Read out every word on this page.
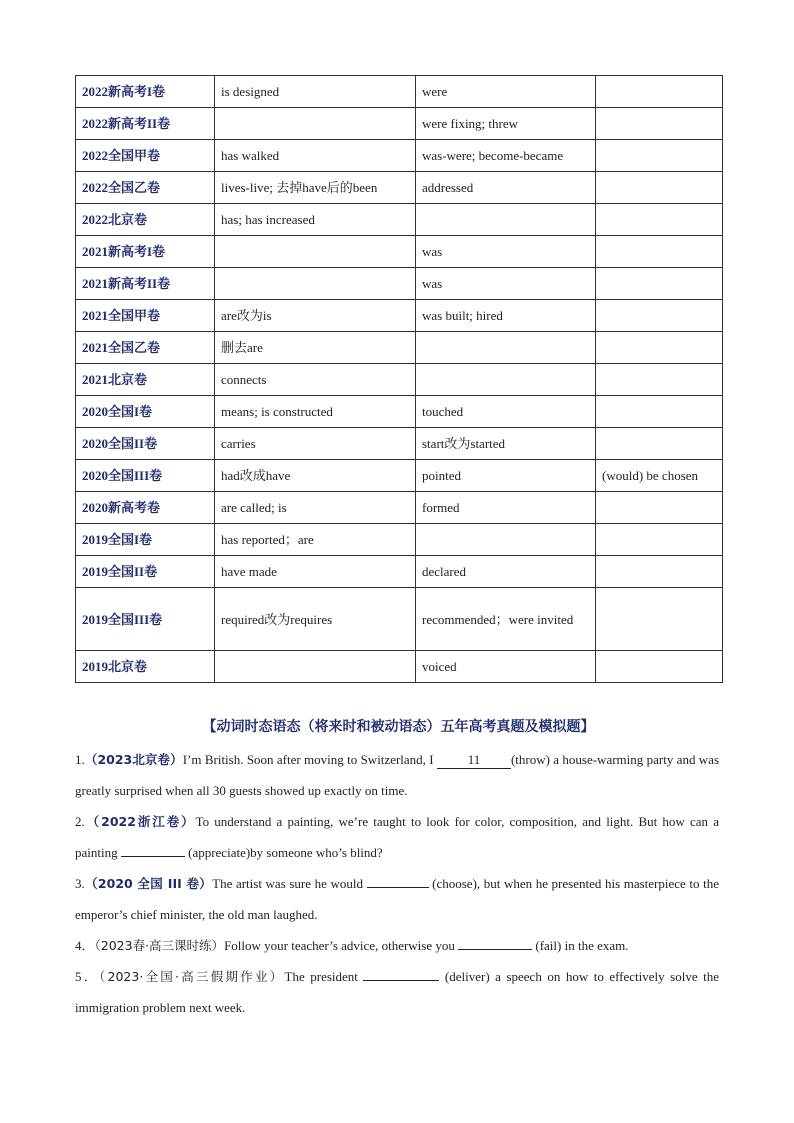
2022新高考I卷	is designed	were	
2022新高考II卷		were fixing; threw	
2022全国甲卷	has walked	was-were; become-became	
2022全国乙卷	lives-live; 去掉have后的been	addressed	
2022北京卷	has; has increased		
2021新高考I卷		was	
2021新高考II卷		was	
2021全国甲卷	are改为is	was built; hired	
2021全国乙卷	删去are		
2021北京卷	connects		
2020全国I卷	means; is constructed	touched	
2020全国II卷	carries	start改为started	
2020全国III卷	had改成have	pointed	(would) be chosen
2020新高考卷	are called; is	formed	
2019全国I卷	has reported；are		
2019全国II卷	have made	declared	
2019全国III卷	required改为requires	recommended；were invited	
2019北京卷		voiced	
【动词时态语态（将来时和被动语态）五年高考真题及模拟题】

1.（2023北京卷）I’m British. Soon after moving to Switzerland, I 11 (throw) a house-warming party and was greatly surprised when all 30 guests showed up exactly on time.

2.（2022浙江卷）To understand a painting, we’re taught to look for color, composition, and light. But how can a painting	(appreciate)by someone who’s blind?

3.（2020 全国 III 卷）The artist was sure he would	(choose), but when he presented his masterpiece to the emperor’s chief minister, the old man laughed.

4．（2023春·高三课时练）Follow your teacher’s advice, otherwise you	(fail) in the exam.

5．（2023·全国·高三假期作业）The president	(deliver) a speech on how to effectively solve the immigration problem next week.
